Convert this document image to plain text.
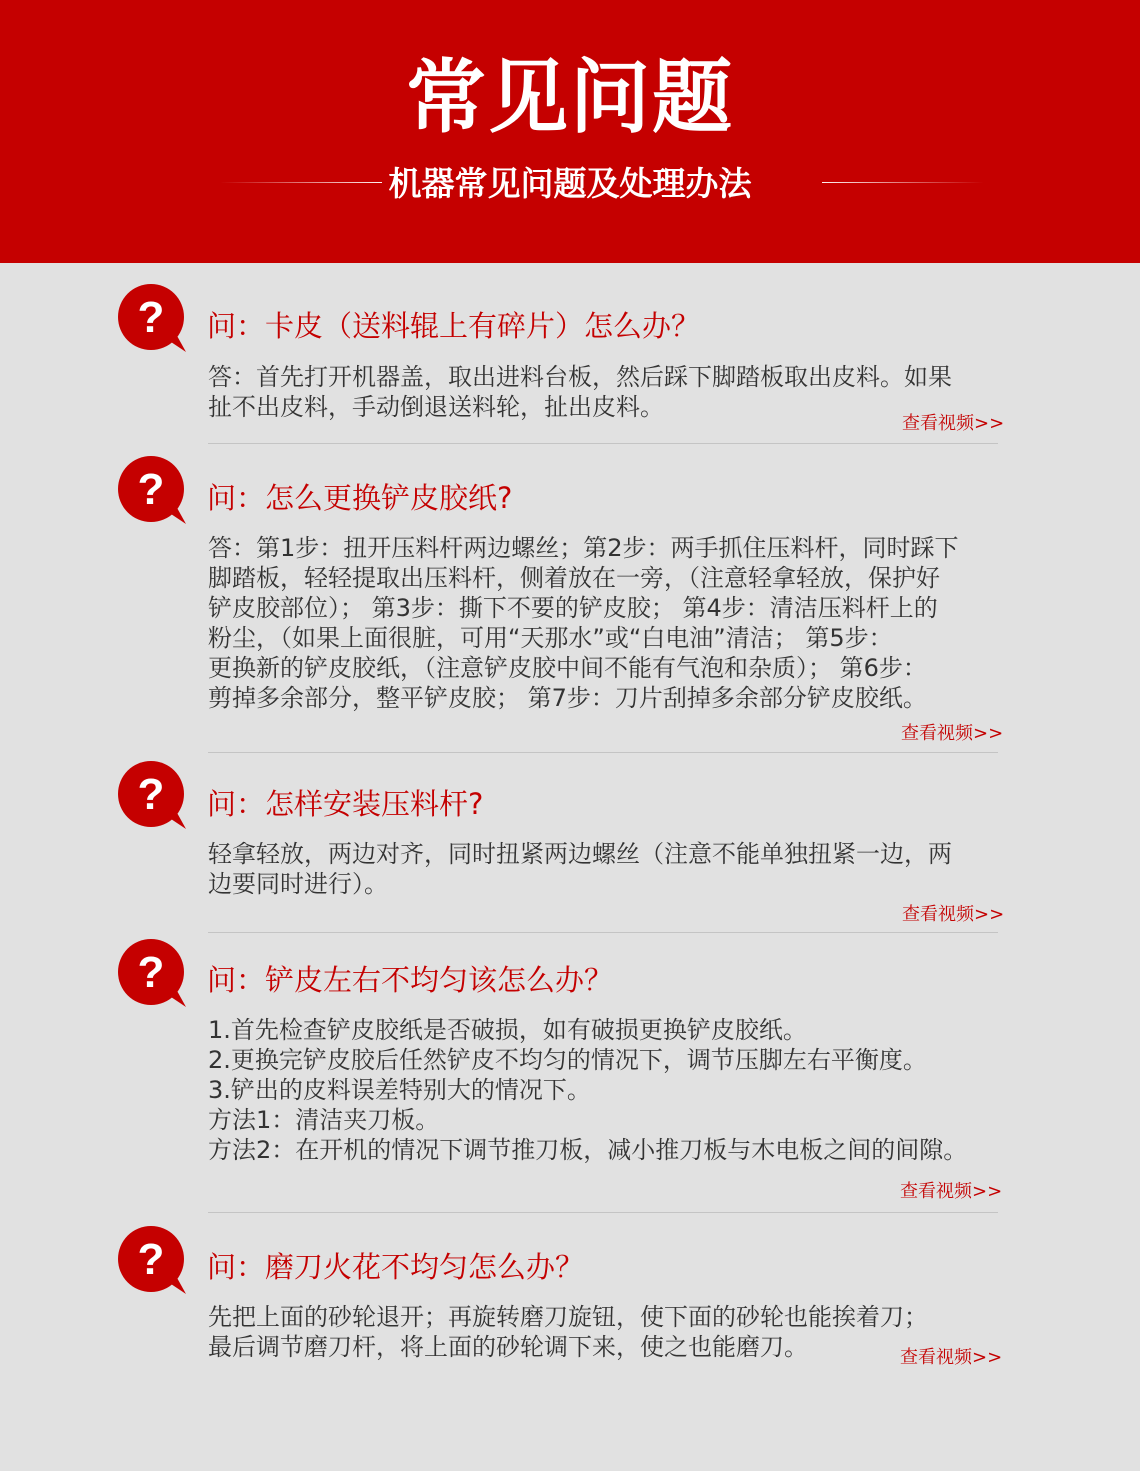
常见问题
机器常见问题及处理办法
? 问：卡皮（送料辊上有碎片）怎么办？

答：首先打开机器盖，取出进料台板，然后踩下脚踏板取出皮料。如果

扯不出皮料，手动倒退送料轮，扯出皮料。

查看视频>>
? 问：怎么更换铲皮胶纸?

答：第1步：扭开压料杆两边螺丝；第2步：两手抓住压料杆，同时踩下

脚踏板，轻轻提取出压料杆，侧着放在一旁，（注意轻拿轻放，保护好

铲皮胶部位）； 第3步：撕下不要的铲皮胶； 第4步：清洁压料杆上的

粉尘，（如果上面很脏，可用“天那水”或“白电油”清洁； 第5步：

更换新的铲皮胶纸，（注意铲皮胶中间不能有气泡和杂质）； 第6步：

剪掉多余部分，整平铲皮胶； 第7步：刀片刮掉多余部分铲皮胶纸。

查看视频>>
? 问：怎样安装压料杆?

轻拿轻放，两边对齐，同时扭紧两边螺丝（注意不能单独扭紧一边，两

边要同时进行）。

查看视频>>
? 问：铲皮左右不均匀该怎么办？

1.首先检查铲皮胶纸是否破损，如有破损更换铲皮胶纸。

2.更换完铲皮胶后任然铲皮不均匀的情况下，调节压脚左右平衡度。

3.铲出的皮料误差特别大的情况下。

方法1：清洁夹刀板。

方法2：在开机的情况下调节推刀板，减小推刀板与木电板之间的间隙。

查看视频>>
? 问：磨刀火花不均匀怎么办？

先把上面的砂轮退开；再旋转磨刀旋钮，使下面的砂轮也能挨着刀；

最后调节磨刀杆，将上面的砂轮调下来，使之也能磨刀。	查看视频>>
